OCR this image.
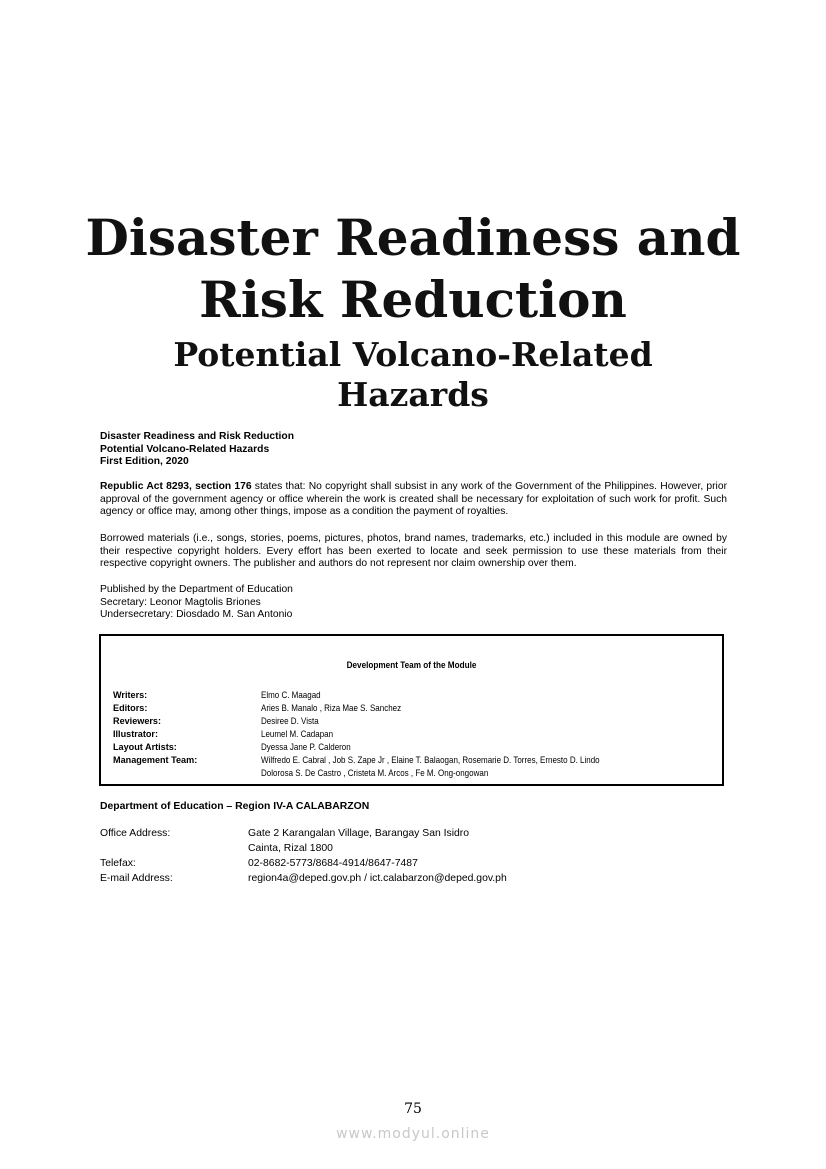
Disaster Readiness and
Risk Reduction
Potential Volcano-Related
Hazards
Disaster Readiness and Risk Reduction
Potential Volcano-Related Hazards
First Edition, 2020
Republic Act 8293, section 176 states that: No copyright shall subsist in any work of the Government of the Philippines. However, prior approval of the government agency or office wherein the work is created shall be necessary for exploitation of such work for profit. Such agency or office may, among other things, impose as a condition the payment of royalties.
Borrowed materials (i.e., songs, stories, poems, pictures, photos, brand names, trademarks, etc.) included in this module are owned by their respective copyright holders. Every effort has been exerted to locate and seek permission to use these materials from their respective copyright owners. The publisher and authors do not represent nor claim ownership over them.
Published by the Department of Education
Secretary: Leonor Magtolis Briones
Undersecretary: Diosdado M. San Antonio
Development Team of the Module
Writers:	Elmo C. Maagad
Editors:	Aries B. Manalo , Riza Mae S. Sanchez
Reviewers:	Desiree D. Vista
Illustrator:	Leumel M. Cadapan
Layout Artists:	Dyessa Jane P. Calderon
Management Team:	Wilfredo E. Cabral , Job S. Zape Jr , Elaine T. Balaogan, Rosemarie D. Torres, Ernesto D. Lindo
Dolorosa S. De Castro , Cristeta M. Arcos , Fe M. Ong-ongowan
Department of Education – Region IV-A CALABARZON
Office Address:	Gate 2 Karangalan Village, Barangay San Isidro
Cainta, Rizal 1800
Telefax:	02-8682-5773/8684-4914/8647-7487
E-mail Address:	region4a@deped.gov.ph / ict.calabarzon@deped.gov.ph
75
www.modyul.online
